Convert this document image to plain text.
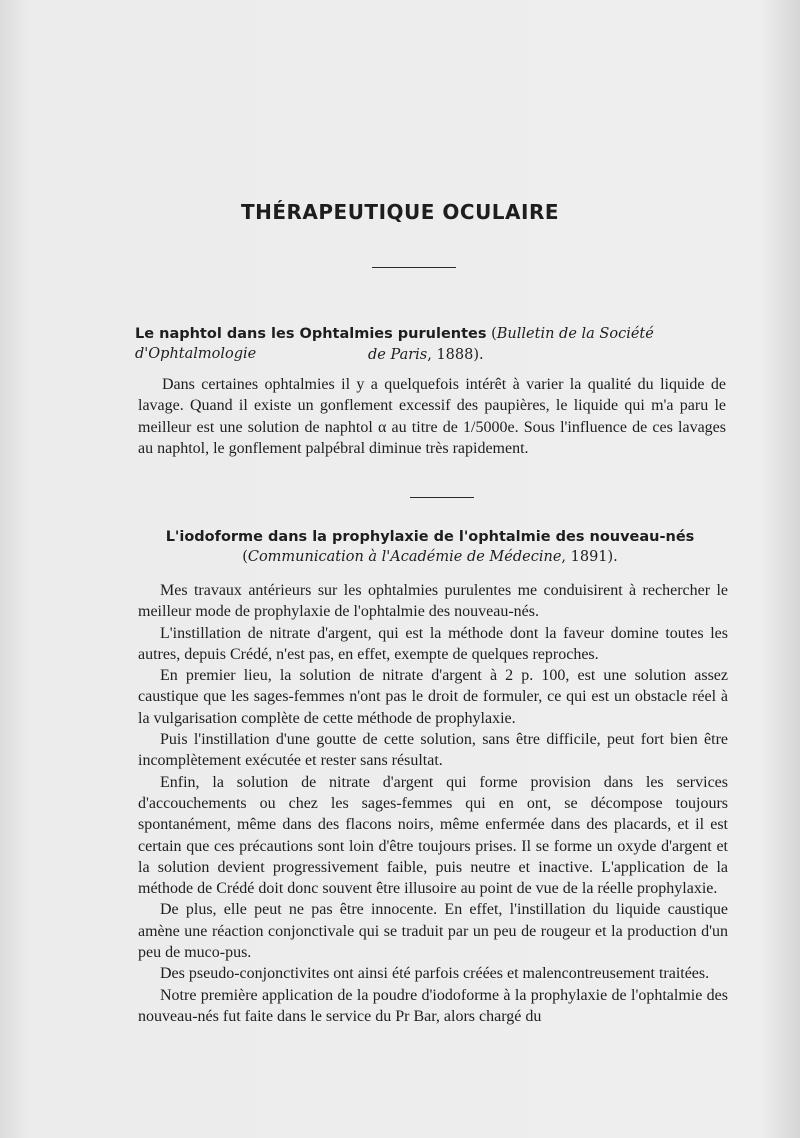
THÉRAPEUTIQUE OCULAIRE
Le naphtol dans les Ophtalmies purulentes (Bulletin de la Société d'Ophtalmologie	de Paris, 1888).

Dans certaines ophtalmies il y a quelquefois intérêt à varier la qualité du liquide de lavage. Quand il existe un gonflement excessif des paupières, le liquide qui m'a paru le meilleur est une solution de naphtol α au titre de 1/5000e. Sous l'influence de ces lavages au naphtol, le gonflement palpébral diminue très rapidement.

L'iodoforme dans la prophylaxie de l'ophtalmie des nouveau-nés
(Communication à l'Académie de Médecine, 1891).

Mes travaux antérieurs sur les ophtalmies purulentes me conduisirent à rechercher le meilleur mode de prophylaxie de l'ophtalmie des nouveau-nés.

L'instillation de nitrate d'argent, qui est la méthode dont la faveur domine toutes les autres, depuis Crédé, n'est pas, en effet, exempte de quelques reproches.

En premier lieu, la solution de nitrate d'argent à 2 p. 100, est une solution assez caustique que les sages-femmes n'ont pas le droit de formuler, ce qui est un obstacle réel à la vulgarisation complète de cette méthode de prophylaxie.

Puis l'instillation d'une goutte de cette solution, sans être difficile, peut fort bien être incomplètement exécutée et rester sans résultat.

Enfin, la solution de nitrate d'argent qui forme provision dans les services d'accouchements ou chez les sages-femmes qui en ont, se décompose toujours spontanément, même dans des flacons noirs, même enfermée dans des placards, et il est certain que ces précautions sont loin d'être toujours prises. Il se forme un oxyde d'argent et la solution devient progressivement faible, puis neutre et inactive. L'application de la méthode de Crédé doit donc souvent être illusoire au point de vue de la réelle prophylaxie.

De plus, elle peut ne pas être innocente. En effet, l'instillation du liquide caustique amène une réaction conjonctivale qui se traduit par un peu de rougeur et la production d'un peu de muco-pus.

Des pseudo-conjonctivites ont ainsi été parfois créées et malencontreusement traitées.

Notre première application de la poudre d'iodoforme à la prophylaxie de l'ophtalmie des nouveau-nés fut faite dans le service du Pr Bar, alors chargé du
